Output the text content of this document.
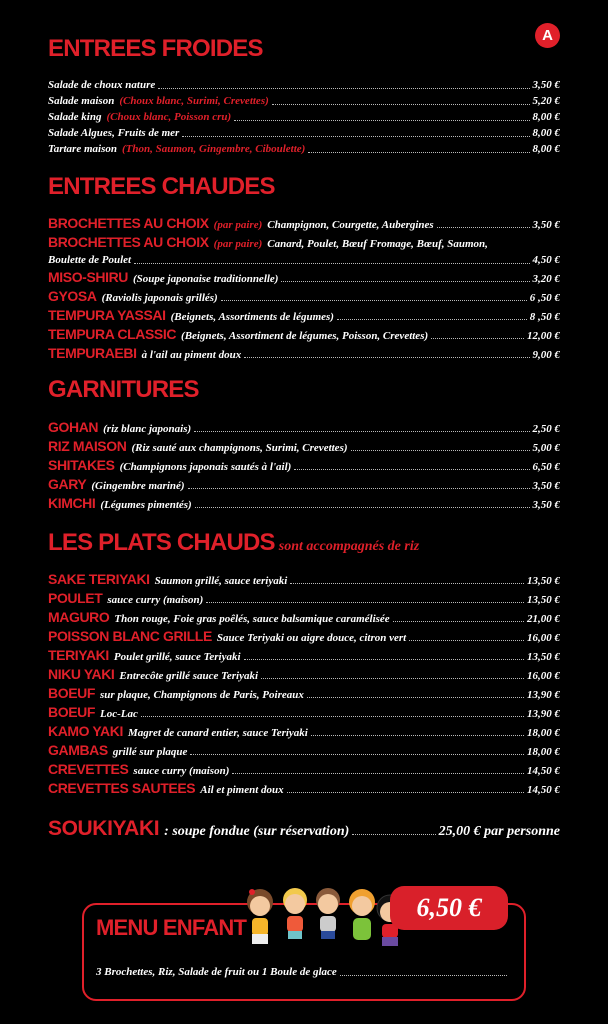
A
ENTREES FROIDES
Salade de choux nature	3,50 €
Salade maison (Choux blanc, Surimi, Crevettes)	5,20 €
Salade king (Choux blanc, Poisson cru)	8,00 €
Salade Algues, Fruits de mer	8,00 €
Tartare maison (Thon, Saumon, Gingembre, Ciboulette)	8,00 €
ENTREES CHAUDES
BROCHETTES AU CHOIX (par paire) Champignon, Courgette, Aubergines	3,50 €
BROCHETTES AU CHOIX (par paire) Canard, Poulet, Bœuf Fromage, Bœuf, Saumon,
Boulette de Poulet	4,50 €
MISO-SHIRU (Soupe japonaise traditionnelle)	3,20 €
GYOSA (Raviolis japonais grillés)	6 ,50 €
TEMPURA YASSAI (Beignets, Assortiments de légumes)	8 ,50 €
TEMPURA CLASSIC (Beignets, Assortiment de légumes, Poisson, Crevettes)	12,00 €
TEMPURAEBI à l'ail au piment doux	9,00 €
GARNITURES
GOHAN (riz blanc japonais)	2,50 €
RIZ MAISON (Riz sauté aux champignons, Surimi, Crevettes)	5,00 €
SHITAKES (Champignons japonais sautés à l'ail)	6,50 €
GARY (Gingembre mariné)	3,50 €
KIMCHI (Légumes pimentés)	3,50 €
LES PLATS CHAUDS sont accompagnés de riz
SAKE TERIYAKI Saumon grillé, sauce teriyaki	13,50 €
POULET sauce curry (maison)	13,50 €
MAGURO Thon rouge, Foie gras poêlés, sauce balsamique caramélisée	21,00 €
POISSON BLANC GRILLE Sauce Teriyaki ou aigre douce, citron vert	16,00 €
TERIYAKI Poulet grillé, sauce Teriyaki	13,50 €
NIKU YAKI Entrecôte grillé sauce Teriyaki	16,00 €
BOEUF sur plaque, Champignons de Paris, Poireaux	13,90 €
BOEUF Loc-Lac	13,90 €
KAMO YAKI Magret de canard entier, sauce Teriyaki	18,00 €
GAMBAS grillé sur plaque	18,00 €
CREVETTES sauce curry (maison)	14,50 €
CREVETTES SAUTEES Ail et piment doux	14,50 €
SOUKIYAKI : soupe fondue (sur réservation)	25,00 € par personne
MENU ENFANT
6,50 €
3 Brochettes, Riz, Salade de fruit ou 1 Boule de glace
